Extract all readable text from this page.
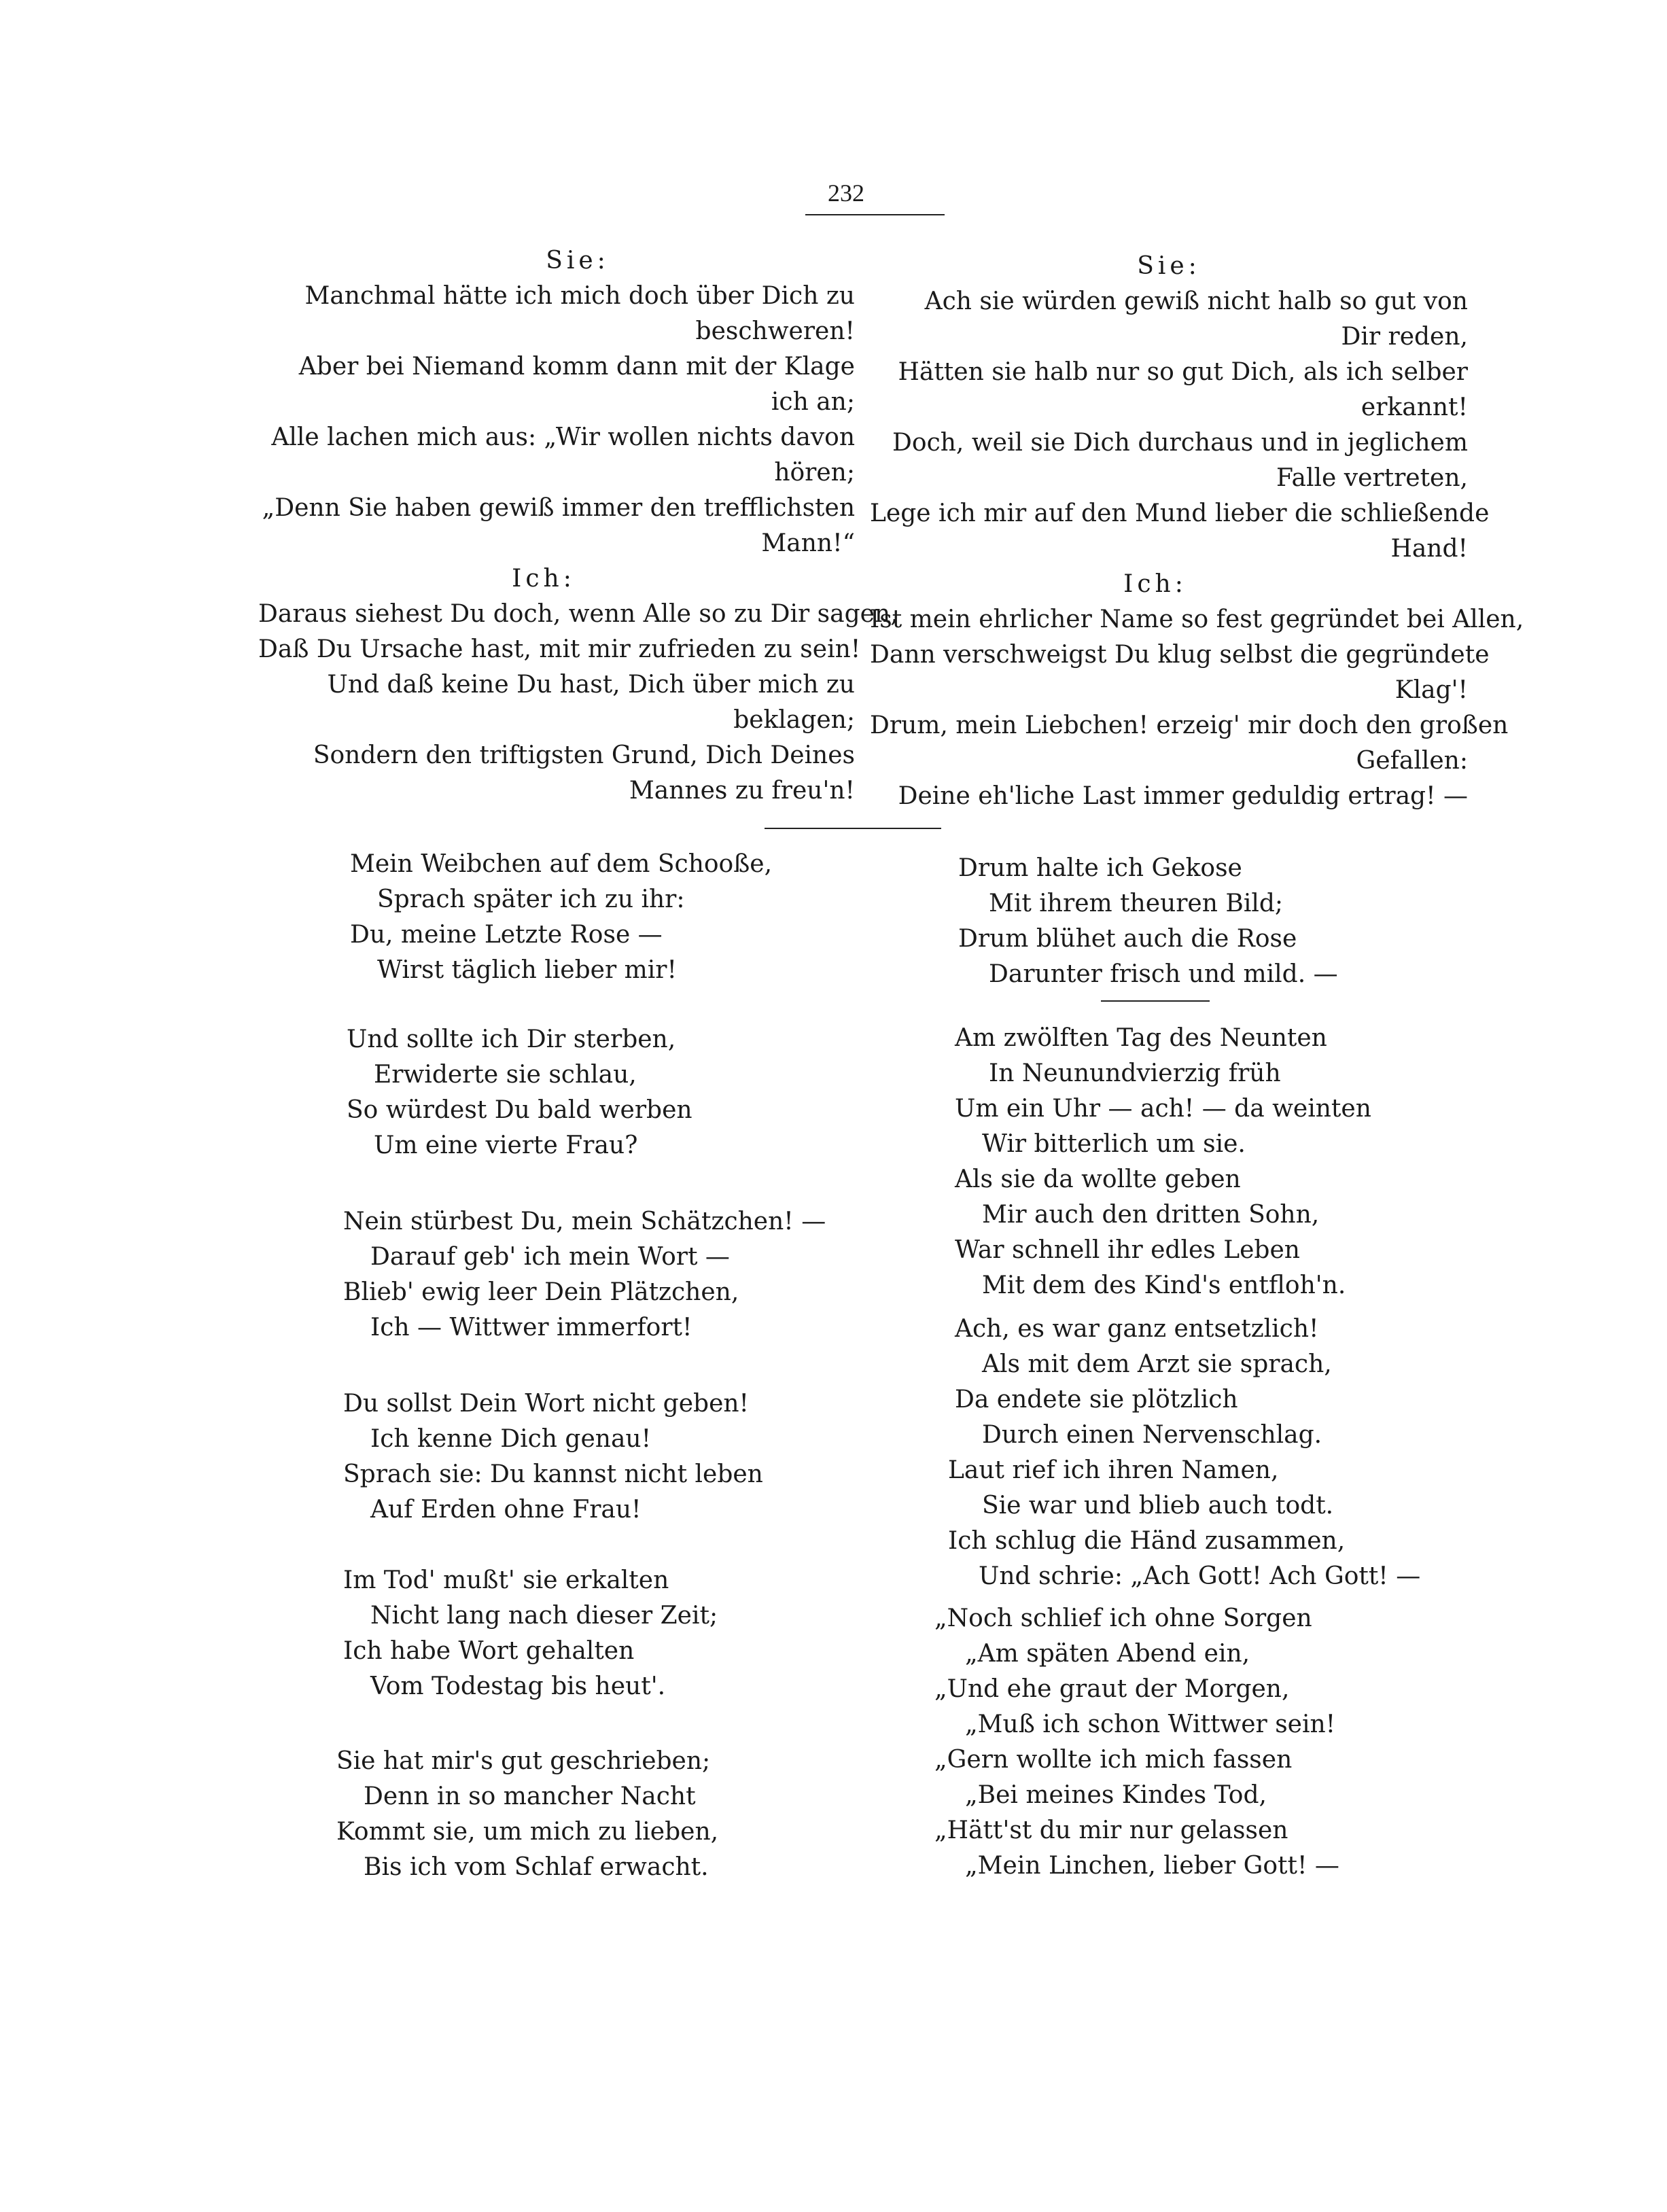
232
Sie:
Manchmal hätte ich mich doch über Dich zu
beschweren!
Aber bei Niemand komm dann mit der Klage
ich an;
Alle lachen mich aus: „Wir wollen nichts davon
hören;
„Denn Sie haben gewiß immer den trefflichsten
Mann!“
Ich:
Daraus siehest Du doch, wenn Alle so zu Dir sagen,
Daß Du Ursache hast, mit mir zufrieden zu sein!
Und daß keine Du hast, Dich über mich zu
beklagen;
Sondern den triftigsten Grund, Dich Deines
Mannes zu freu'n!
Sie:
Ach sie würden gewiß nicht halb so gut von
Dir reden,
Hätten sie halb nur so gut Dich, als ich selber
erkannt!
Doch, weil sie Dich durchaus und in jeglichem
Falle vertreten,
Lege ich mir auf den Mund lieber die schließende
Hand!
Ich:
Ist mein ehrlicher Name so fest gegründet bei Allen,
Dann verschweigst Du klug selbst die gegründete
Klag'!
Drum, mein Liebchen! erzeig' mir doch den großen
Gefallen:
Deine eh'liche Last immer geduldig ertrag! —
Mein Weibchen auf dem Schooße,
Sprach später ich zu ihr:
Du, meine Letzte Rose —
Wirst täglich lieber mir!
Und sollte ich Dir sterben,
Erwiderte sie schlau,
So würdest Du bald werben
Um eine vierte Frau?
Nein stürbest Du, mein Schätzchen! —
Darauf geb' ich mein Wort —
Blieb' ewig leer Dein Plätzchen,
Ich — Wittwer immerfort!
Du sollst Dein Wort nicht geben!
Ich kenne Dich genau!
Sprach sie: Du kannst nicht leben
Auf Erden ohne Frau!
Im Tod' mußt' sie erkalten
Nicht lang nach dieser Zeit;
Ich habe Wort gehalten
Vom Todestag bis heut'.
Sie hat mir's gut geschrieben;
Denn in so mancher Nacht
Kommt sie, um mich zu lieben,
Bis ich vom Schlaf erwacht.
Drum halte ich Gekose
Mit ihrem theuren Bild;
Drum blühet auch die Rose
Darunter frisch und mild. —
Am zwölften Tag des Neunten
In Neunundvierzig früh
Um ein Uhr — ach! — da weinten
Wir bitterlich um sie.
Als sie da wollte geben
Mir auch den dritten Sohn,
War schnell ihr edles Leben
Mit dem des Kind's entfloh'n.
Ach, es war ganz entsetzlich!
Als mit dem Arzt sie sprach,
Da endete sie plötzlich
Durch einen Nervenschlag.
Laut rief ich ihren Namen,
Sie war und blieb auch todt.
Ich schlug die Händ zusammen,
Und schrie: „Ach Gott! Ach Gott! —
„Noch schlief ich ohne Sorgen
„Am späten Abend ein,
„Und ehe graut der Morgen,
„Muß ich schon Wittwer sein!
„Gern wollte ich mich fassen
„Bei meines Kindes Tod,
„Hätt'st du mir nur gelassen
„Mein Linchen, lieber Gott! —
